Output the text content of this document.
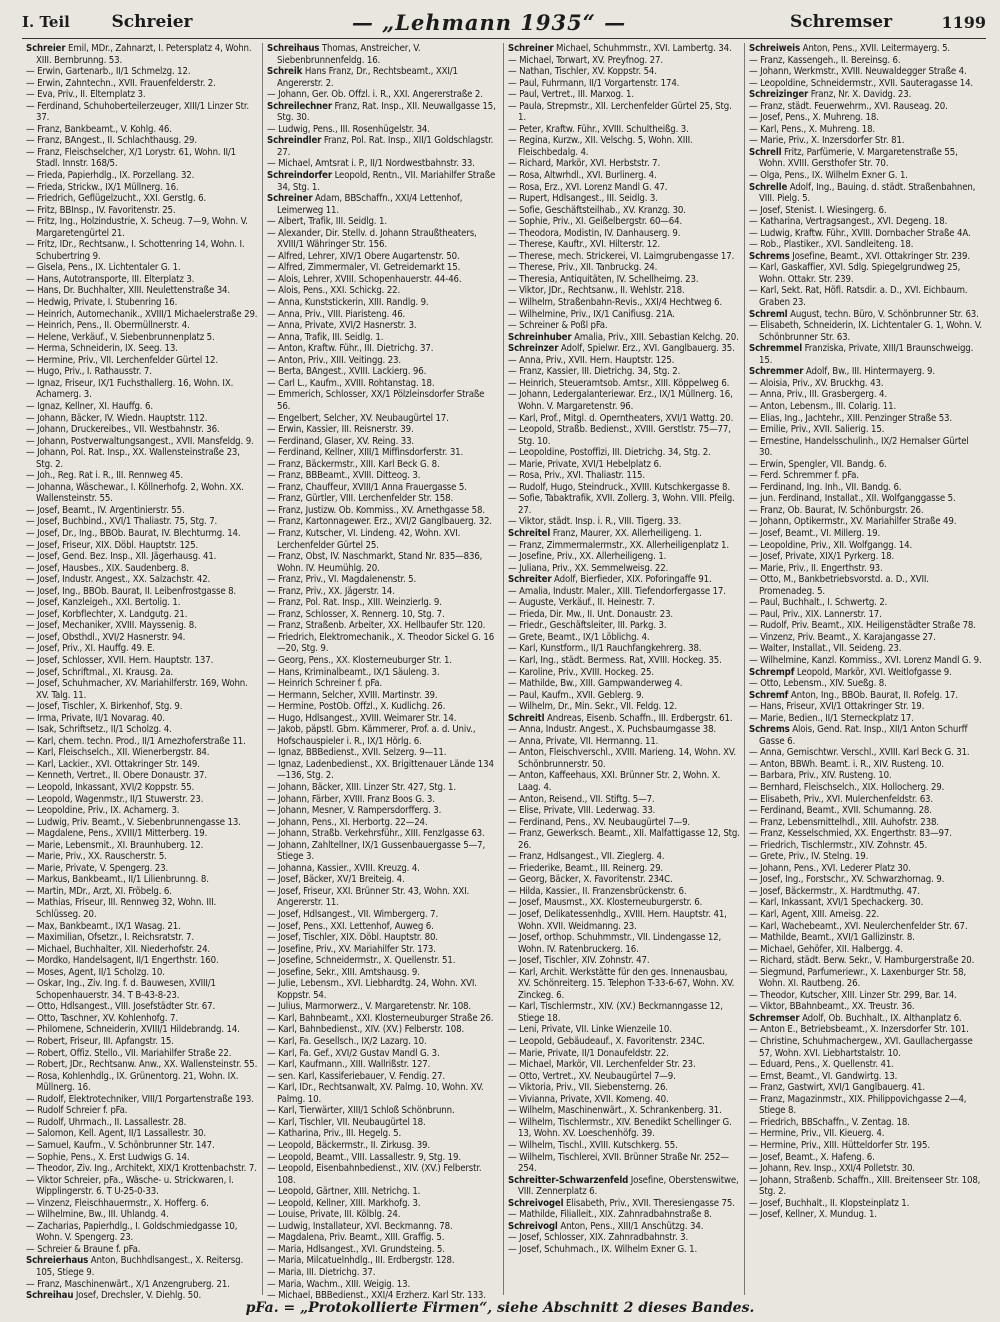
I. Teil	Schreier	— „Lehmann 1935“ —	Schremser	1199

Schreier Emil, MDr., Zahnarzt, I. Petersplatz 4, Wohn. XIII. Bernbrunng. 53.

— Erwin, Gartenarb., II/1 Schmelzg. 12.

— Erwin, Zahntechn., XVII. Frauenfelderstr. 2.

— Eva, Priv., II. Elternplatz 3.

— Ferdinand, Schuhoberteilerzeuger, XIII/1 Linzer Str. 37.

— Franz, Bankbeamt., V. Kohlg. 46.

— Franz, BAngest., II. Schlachthausg. 29.

— Franz, Fleischselcher, X/1 Lorystr. 61, Wohn. II/1 Stadl. Innstr. 168/5.

— Frieda, Papierhdlg., IX. Porzellang. 32.

— Frieda, Strickw., IX/1 Müllnerg. 16.

— Friedrich, Geflügelzucht., XXI. Gerstlg. 6.

— Fritz, BBInsp., IV. Favoritenstr. 25.

— Fritz, Ing., Holzindustrie, X. Scheug. 7—9, Wohn. V. Margaretengürtel 21.

— Fritz, IDr., Rechtsanw., I. Schottenring 14, Wohn. I. Schubertring 9.

— Gisela, Pens., IX. Lichtentaler G. 1.

— Hans, Autotransporte, III. Elterplatz 3.

— Hans, Dr. Buchhalter, XIII. Neulettenstraße 34.

— Hedwig, Private, I. Stubenring 16.

— Heinrich, Automechanik., XVIII/1 Michaelerstraße 29.

— Heinrich, Pens., II. Obermüllnerstr. 4.

— Helene, Verkäuf., V. Siebenbrunnenplatz 5.

— Herma, Schneiderin, IX. Seeg. 13.

— Hermine, Priv., VII. Lerchenfelder Gürtel 12.

— Hugo, Priv., I. Rathausstr. 7.

— Ignaz, Friseur, IX/1 Fuchsthallerg. 16, Wohn. IX. Achamerg. 3.

— Ignaz, Kellner, XI. Hauffg. 6.

— Johann, Bäcker, IV. Wiedn. Hauptstr. 112.

— Johann, Druckereibes., VII. Westbahnstr. 36.

— Johann, Postverwaltungsangest., XVII. Mansfeldg. 9.

— Johann, Pol. Rat. Insp., XX. Wallensteinstraße 23, Stg. 2.

— Joh., Reg. Rat i. R., III. Rennweg 45.

— Johanna, Wäschewar., I. Köllnerhofg. 2, Wohn. XX. Wallensteinstr. 55.

— Josef, Beamt., IV. Argentinierstr. 55.

— Josef, Buchbind., XVI/1 Thaliastr. 75, Stg. 7.

— Josef, Dr., Ing., BBOb. Baurat, IV. Blechturmg. 14.

— Josef, Friseur, XIX. Döbl. Hauptstr. 125.

— Josef, Gend. Bez. Insp., XII. Jägerhausg. 41.

— Josef, Hausbes., XIX. Saudenberg. 8.

— Josef, Industr. Angest., XX. Salzachstr. 42.

— Josef, Ing., BBOb. Baurat, II. Leibenfrostgasse 8.

— Josef, Kanzleigeh., XXI. Bertolig. 1.

— Josef, Korbflechter, X. Landgutg. 21.

— Josef, Mechaniker, XVIII. Mayssenig. 8.

— Josef, Obsthdl., XVI/2 Hasnerstr. 94.

— Josef, Priv., XI. Hauffg. 49. E.

— Josef, Schlosser, XVII. Hern. Hauptstr. 137.

— Josef, Schriftmal., XI. Krausg. 2a.

— Josef, Schuhmacher, XV. Mariahilferstr. 169, Wohn. XV. Talg. 11.

— Josef, Tischler, X. Birkenhof, Stg. 9.

— Irma, Private, II/1 Novarag. 40.

— Isak, Schriftsetz., II/1 Scholzg. 4.

— Karl, chem. techn. Prod., II/1 Arnezhoferstraße 11.

— Karl, Fleischselch., XII. Wienerbergstr. 84.

— Karl, Lackier., XVI. Ottakringer Str. 149.

— Kenneth, Vertret., II. Obere Donaustr. 37.

— Leopold, Inkassant, XVI/2 Koppstr. 55.

— Leopold, Wagenmstr., II/1 Stuwerstr. 23.

— Leopoldine, Priv., IX. Achamerg. 3.

— Ludwig, Priv. Beamt., V. Siebenbrunnengasse 13.

— Magdalene, Pens., XVIII/1 Mitterberg. 19.

— Marie, Lebensmit., XI. Braunhuberg. 12.

— Marie, Priv., XX. Rauscherstr. 5.

— Marie, Private, V. Spengerg. 23.

— Markus, Bankbeamt., II/1 Lilienbrunng. 8.

— Martin, MDr., Arzt, XI. Fröbelg. 6.

— Mathias, Friseur, III. Rennweg 32, Wohn. III. Schlüsseg. 20.

— Max, Bankbeamt., IX/1 Wasag. 21.

— Maximilian, Ofsetzr., I. Reichsratstr. 7.

— Michael, Buchhalter, XII. Niederhofstr. 24.

— Mordko, Handelsagent, II/1 Engerthstr. 160.

— Moses, Agent, II/1 Scholzg. 10.

— Oskar, Ing., Ziv. Ing. f. d. Bauwesen, XVIII/1 Schopenhauerstr. 34. T B-43-8-23.

— Otto, Hdlsangest., VIII. Josefstädter Str. 67.

— Otto, Taschner, XV. Kohlenhofg. 7.

— Philomene, Schneiderin, XVIII/1 Hildebrandg. 14.

— Robert, Friseur, III. Apfangstr. 15.

— Robert, Offiz. Stello., VII. Mariahilfer Straße 22.

— Robert, JDr., Rechtsanw. Anw., XX. Wallensteinstr. 55.

— Rosa, Kohlenhdlg., IX. Grünentorg. 21, Wohn. IX. Müllnerg. 16.

— Rudolf, Elektrotechniker, VIII/1 Porgartenstraße 193.

— Rudolf Schreier f. pFa.

— Rudolf, Uhrmach., II. Lassallestr. 28.

— Salomon, Kell. Agent, II/1 Lassallestr. 30.

— Samuel, Kaufm., V. Schönbrunner Str. 147.

— Sophie, Pens., X. Erst Ludwigs G. 14.

— Theodor, Ziv. Ing., Architekt, XIX/1 Krottenbachstr. 7.

— Viktor Schreier, pFa., Wäsche- u. Strickwaren, I. Wipplingerstr. 6. T U-25-0-33.

— Vinzenz, Fleischhauermstr., X. Hofferg. 6.

— Wilhelmine, Bw., III. Uhlandg. 4.

— Zacharias, Papierhdlg., I. Goldschmiedgasse 10, Wohn. V. Spengerg. 23.

— Schreier & Braune f. pFa.

Schreierhaus Anton, Buchhdlsangest., X. Reitersg. 105, Stiege 9.

— Franz, Maschinenwärt., X/1 Anzengruberg. 21.

Schreihau Josef, Drechsler, V. Diehlg. 50.

Schreihaus Thomas, Anstreicher, V. Siebenbrunnenfeldg. 16.

Schreik Hans Franz, Dr., Rechtsbeamt., XXI/1 Angererstr. 2.

— Johann, Ger. Ob. Offzl. i. R., XXI. Angererstraße 2.

Schreilechner Franz, Rat. Insp., XII. Neuwallgasse 15, Stg. 30.

— Ludwig, Pens., III. Rosenhügelstr. 34.

Schreindler Franz, Pol. Rat. Insp., XII/1 Goldschlagstr. 27.

— Michael, Amtsrat i. P., II/1 Nordwestbahnstr. 33.

Schreindorfer Leopold, Rentn., VII. Mariahilfer Straße 34, Stg. 1.

Schreiner Adam, BBSchaffn., XXI/4 Lettenhof, Leimerweg 11.

— Albert, Trafik, III. Seidlg. 1.

— Alexander, Dir. Stellv. d. Johann Straußtheaters, XVIII/1 Währinger Str. 156.

— Alfred, Lehrer, XIV/1 Obere Augartenstr. 50.

— Alfred, Zimmermaler, VI. Getreidemarkt 15.

— Alois, Lehrer, XVIII. Schopenhauerstr. 44-46.

— Alois, Pens., XXI. Schickg. 22.

— Anna, Kunststickerin, XIII. Randlg. 9.

— Anna, Priv., VIII. Piaristeng. 46.

— Anna, Private, XVI/2 Hasnerstr. 3.

— Anna, Trafik, III. Seidlg. 1.

— Anton, Kraftw. Führ., III. Dietrichg. 37.

— Anton, Priv., XIII. Veitingg. 23.

— Berta, BAngest., XVIII. Lackierg. 96.

— Carl L., Kaufm., XVIII. Rohtanstag. 18.

— Emmerich, Schlosser, XX/1 Pölzleinsdorfer Straße 56.

— Engelbert, Selcher, XV. Neubaugürtel 17.

— Erwin, Kassier, III. Reisnerstr. 39.

— Ferdinand, Glaser, XV. Reing. 33.

— Ferdinand, Kellner, XIII/1 Miffinsdorferstr. 31.

— Franz, Bäckermstr., XIII. Karl Beck G. 8.

— Franz, BBBeamt., XVIII. Ditteog. 3.

— Franz, Chauffeur, XVIII/1 Anna Frauergasse 5.

— Franz, Gürtler, VIII. Lerchenfelder Str. 158.

— Franz, Justizw. Ob. Kommiss., XV. Arnethgasse 58.

— Franz, Kartonnagewer. Erz., XVI/2 Ganglbauerg. 32.

— Franz, Kutscher, VI. Lindeng. 42, Wohn. XVI. Lerchenfelder Gürtel 25.

— Franz, Obst, IV. Naschmarkt, Stand Nr. 835—836, Wohn. IV. Heumühlg. 20.

— Franz, Priv., VI. Magdalenenstr. 5.

— Franz, Priv., XX. Jägerstr. 14.

— Franz, Pol. Rat. Insp., XIII. Weinzierlg. 9.

— Franz, Schlosser, X. Rennerg. 10, Stg. 7.

— Franz, Straßenb. Arbeiter, XX. Hellbaufer Str. 120.

— Friedrich, Elektromechanik., X. Theodor Sickel G. 16—20, Stg. 9.

— Georg, Pens., XX. Klosterneuburger Str. 1.

— Hans, Kriminalbeamt., IX/1 Säuleng. 3.

— Heinrich Schreiner f. pFa.

— Hermann, Selcher, XVIII. Martinstr. 39.

— Hermine, PostOb. Offzl., X. Kudlichg. 26.

— Hugo, Hdlsangest., XVIII. Weimarer Str. 14.

— Jakob, päpstl. Gbm. Kämmerer, Prof. a. d. Univ., Hofschauspieler i. R., IX/1 Hörlg. 6.

— Ignaz, BBBedienst., XVII. Selzerg. 9—11.

— Ignaz, Ladenbedienst., XX. Brigittenauer Lände 134—136, Stg. 2.

— Johann, Bäcker, XIII. Linzer Str. 427, Stg. 1.

— Johann, Färber, XVIII. Franz Boos G. 3.

— Johann, Mesner, V. Rampersdorfferg. 3.

— Johann, Pens., XI. Herbortg. 22—24.

— Johann, Straßb. Verkehrsführ., XIII. Fenzlgasse 63.

— Johann, Zahltellner, IX/1 Gussenbauergasse 5—7, Stiege 3.

— Johanna, Kassier., XVIII. Kreuzg. 4.

— Josef, Bäcker, XV/1 Breiteig. 4.

— Josef, Friseur, XXI. Brünner Str. 43, Wohn. XXI. Angererstr. 11.

— Josef, Hdlsangest., VII. Wimbergerg. 7.

— Josef, Pens., XXI. Lettenhof, Auweg 6.

— Josef, Tischler, XIX. Döbl. Hauptstr. 80.

— Josefine, Priv., XV. Mariahilfer Str. 173.

— Josefine, Schneidermstr., X. Quellenstr. 51.

— Josefine, Sekr., XIII. Amtshausg. 9.

— Julie, Lebensm., XVI. Liebhardtg. 24, Wohn. XVI. Koppstr. 54.

— Julius, Marmorwerz., V. Margaretenstr. Nr. 108.

— Karl, Bahnbeamt., XXI. Klosterneuburger Straße 26.

— Karl, Bahnbedienst., XIV. (XV.) Felberstr. 108.

— Karl, Fa. Gesellsch., IX/2 Lazarg. 10.

— Karl, Fa. Gef., XVI/2 Gustav Mandl G. 3.

— Karl, Kaufmann., XIII. Wallrißstr. 127.

— sen. Karl, Kassiferiebauer, V. Fendig. 27.

— Karl, IDr., Rechtsanwalt, XV. Palmg. 10, Wohn. XV. Palmg. 10.

— Karl, Tierwärter, XIII/1 Schloß Schönbrunn.

— Karl, Tischler, VII. Neubaugürtel 18.

— Katharina, Priv., III. Hegelg. 5.

— Leopold, Bäckermstr., II. Zirkusg. 39.

— Leopold, Beamt., VIII. Lassallestr. 9, Stg. 19.

— Leopold, Eisenbahnbedienst., XIV. (XV.) Felberstr. 108.

— Leopold, Gärtner, XIII. Netrichg. 1.

— Leopold, Kellner, XIII. Markhofg. 3.

— Louise, Private, III. Kölblg. 24.

— Ludwig, Installateur, XVI. Beckmanng. 78.

— Magdalena, Priv. Beamt., XIII. Graffig. 5.

— Maria, Hdlsangest., XVI. Grundsteing. 5.

— Maria, Milcatuelnhdlg., III. Erdbergstr. 128.

— Maria, III. Dietrichg. 37.

— Maria, Wachm., XIII. Weigig. 13.

— Michael, BBBedienst., XXI/4 Erzherz. Karl Str. 133.

Schreiner Michael, Schuhmmstr., XVI. Lambertg. 34.

— Michael, Torwart, XV. Preyfnog. 27.

— Nathan, Tischler, XV. Koppstr. 54.

— Paul, Fuhrmann, II/1 Vorgartenstr. 174.

— Paul, Vertret., III. Marxog. 1.

— Paula, Strepmstr., XII. Lerchenfelder Gürtel 25, Stg. 1.

— Peter, Kraftw. Führ., XVIII. Schultheißg. 3.

— Regina, Kurzw., XII. Velschg. 5, Wohn. XIII. Fleischbedalg. 4.

— Richard, Markör, XVI. Herbststr. 7.

— Rosa, Altwrhdl., XVI. Burlinerg. 4.

— Rosa, Erz., XVI. Lorenz Mandl G. 47.

— Rupert, Hdlsangest., III. Seidlg. 3.

— Sofie, Geschäftsteilhab., XV. Kranzg. 30.

— Sophie, Priv., XI. Geißelbergstr. 60—64.

— Theodora, Modistin, IV. Danhauserg. 9.

— Therese, Kauftr., XVI. Hilterstr. 12.

— Therese, mech. Strickerei, VI. Laimgrubengasse 17.

— Therese, Priv., XII. Tanbruckg. 24.

— Theresia, Antiquitäten, IV. Schellheimg. 23.

— Viktor, JDr., Rechtsanw., II. Wehlstr. 218.

— Wilhelm, Straßenbahn-Revis., XXI/4 Hechtweg 6.

— Wilhelmine, Priv., IX/1 Canifiusg. 21A.

— Schreiner & Poßl pFa.

Schreinhuber Amalia, Priv., XIII. Sebastian Kelchg. 20.

Schreinzer Adolf, Spielwr. Erz., XVI. Ganglbauerg. 35.

— Anna, Priv., XVII. Hern. Hauptstr. 125.

— Franz, Kassier, III. Dietrichg. 34, Stg. 2.

— Heinrich, Steueramtsob. Amtsr., XIII. Köppelweg 6.

— Johann, Ledergalanteriewar. Erz., IX/1 Müllnerg. 16, Wohn. V. Margaretenstr. 96.

— Karl, Prof., Mitgl. d. Operntheaters, XVI/1 Wattg. 20.

— Leopold, Straßb. Bedienst., XVIII. Gerstlstr. 75—77, Stg. 10.

— Leopoldine, Postoffizi, III. Dietrichg. 34, Stg. 2.

— Marie, Private, XVI/1 Hebelplatz 6.

— Rosa, Priv., XVI. Thaliastr. 115.

— Rudolf, Hugo, Steindruck., XVIII. Kutschkergasse 8.

— Sofie, Tabaktrafik, XVII. Zollerg. 3, Wohn. VIII. Pfeilg. 27.

— Viktor, städt. Insp. i. R., VIII. Tigerg. 33.

Schreitel Franz, Maurer, XX. Allerheiligeng. 1.

— Franz, Zimmermalermstr., XX. Allerheiligenplatz 1.

— Josefine, Priv., XX. Allerheiligeng. 1.

— Juliana, Priv., XX. Semmelweisg. 22.

Schreiter Adolf, Bierfieder, XIX. Poforingaffe 91.

— Amalia, Industr. Maler., XIII. Tiefendorfergasse 17.

— Auguste, Verkäuf., II. Heinestr. 7.

— Frieda, Dir. Mw., II. Unt. Donaustr. 23.

— Friedr., Geschäftsleiter, III. Parkg. 3.

— Grete, Beamt., IX/1 Löblichg. 4.

— Karl, Kunstform., II/1 Rauchfangkehrerg. 38.

— Karl, Ing., städt. Bermess. Rat, XVIII. Hockeg. 35.

— Karoline, Priv., XVIII. Hockeg. 25.

— Mathilde, Bw., XIII. Gampwanderweg 4.

— Paul, Kaufm., XVII. Geblerg. 9.

— Wilhelm, Dr., Min. Sekr., VII. Feldg. 12.

Schreitl Andreas, Eisenb. Schaffn., III. Erdbergstr. 61.

— Anna, Industr. Angest., X. Puchsbaumgasse 38.

— Anna, Private, VII. Hermanng. 11.

— Anton, Fleischverschl., XVIII. Marieng. 14, Wohn. XV. Schönbrunnerstr. 50.

— Anton, Kaffeehaus, XXI. Brünner Str. 2, Wohn. X. Laag. 4.

— Anton, Reisend., VII. Stiftg. 5—7.

— Elise, Private, VIII. Lederwag. 33.

— Ferdinand, Pens., XV. Neubaugürtel 7—9.

— Franz, Gewerksch. Beamt., XII. Malfattigasse 12, Stg. 26.

— Franz, Hdlsangest., VII. Zieglerg. 4.

— Friederike, Beamt., III. Reinerg. 29.

— Georg, Bäcker, X. Favoritenstr. 234C.

— Hilda, Kassier., II. Franzensbrückenstr. 6.

— Josef, Mausmst., XX. Klosterneuburgerstr. 6.

— Josef, Delikatessenhdlg., XVIII. Hern. Hauptstr. 41, Wohn. XVII. Weidmanng. 23.

— Josef, orthop. Schuhmmstr., VII. Lindengasse 12, Wohn. IV. Ratenbruckerg. 16.

— Josef, Tischler, XIV. Zohnstr. 47.

— Karl, Archit. Werkstätte für den ges. Innenausbau, XV. Schönreiterg. 15. Telephon T-33-6-67, Wohn. XV. Zinckeg. 6.

— Karl, Tischlermstr., XIV. (XV.) Beckmanngasse 12, Stiege 18.

— Leni, Private, VII. Linke Wienzeile 10.

— Leopold, Gebäudeauf., X. Favoritenstr. 234C.

— Marie, Private, II/1 Donaufeldstr. 22.

— Michael, Markör, VII. Lerchenfelder Str. 23.

— Otto, Vertret., XV. Neubaugürtel 7—9.

— Viktoria, Priv., VII. Siebensterng. 26.

— Vivianna, Private, XVII. Komeng. 40.

— Wilhelm, Maschinenwärt., X. Schrankenberg. 31.

— Wilhelm, Tischlermstr., XIV. Benedikt Schellinger G. 13, Wohn. XV. Loeschenhöfg. 39.

— Wilhelm, Tischl., XVIII. Kutschkerg. 55.

— Wilhelm, Tischlerei, XVII. Brünner Straße Nr. 252—254.

Schreitter-Schwarzenfeld Josefine, Oberstenswitwe, VIII. Zennerplatz 6.

Schreivogel Elisabeth, Priv., XVII. Theresiengasse 75.

— Mathilde, Filialleit., XIX. Zahnradbahnstraße 8.

Schreivogl Anton, Pens., XIII/1 Anschützg. 34.

— Josef, Schlosser, XIX. Zahnradbahnstr. 3.

— Josef, Schuhmach., IX. Wilhelm Exner G. 1.

Schreiweis Anton, Pens., XVII. Leitermayerg. 5.

— Franz, Kassengeh., II. Bereinsg. 6.

— Johann, Werkmstr., XVIII. Neuwaldegger Straße 4.

— Leopoldine, Schneidermstr., XVII. Sauteragasse 14.

Schreizinger Franz, Nr. X. Davidg. 23.

— Franz, städt. Feuerwehrm., XVI. Rauseag. 20.

— Josef, Pens., X. Muhreng. 18.

— Karl, Pens., X. Muhreng. 18.

— Marie, Priv., X. Inzersdorfer Str. 81.

Schrell Fritz, Parfümerie, V. Margaretenstraße 55, Wohn. XVIII. Gersthofer Str. 70.

— Olga, Pens., IX. Wilhelm Exner G. 1.

Schrelle Adolf, Ing., Bauing. d. städt. Straßenbahnen, VIII. Pielg. 5.

— Josef, Stenist. I. Wiesingerg. 6.

— Katharina, Vertragsangest., XVI. Degeng. 18.

— Ludwig, Kraftw. Führ., XVIII. Dornbacher Straße 4A.

— Rob., Plastiker., XVI. Sandleiteng. 18.

Schrems Josefine, Beamt., XVI. Ottakringer Str. 239.

— Karl, Gaskaffier, XVI. Sdlg. Spiegelgrundweg 25, Wohn. Ottakr. Str. 239.

— Karl, Sekt. Rat, Höfl. Ratsdir. a. D., XVI. Eichbaum. Graben 23.

Schreml August, techn. Büro, V. Schönbrunner Str. 63.

— Elisabeth, Schneiderin, IX. Lichtentaler G. 1, Wohn. V. Schönbrunner Str. 63.

Schremmel Franziska, Private, XIII/1 Braunschweigg. 15.

Schremmer Adolf, Bw., III. Hintermayerg. 9.

— Aloisia, Priv., XV. Bruckhg. 43.

— Anna, Priv., III. Grasbergerg. 4.

— Anton, Lebensm., III. Colarig. 11.

— Elias, Ing., Jachtehr., XIII. Penzinger Straße 53.

— Emilie, Priv., XVII. Salierig. 15.

— Ernestine, Handelsschulinh., IX/2 Hernalser Gürtel 30.

— Erwin, Spengler, VII. Bandg. 6.

— Ferd. Schremmer f. pFa.

— Ferdinand, Ing. Inh., VII. Bandg. 6.

— jun. Ferdinand, Installat., XII. Wolfganggasse 5.

— Franz, Ob. Baurat, IV. Schönburgstr. 26.

— Johann, Optikermstr., XV. Mariahilfer Straße 49.

— Josef, Beamt., VI. Millerg. 19.

— Leopoldine, Priv., XII. Wolfgangg. 14.

— Josef, Private, XIX/1 Pyrkerg. 18.

— Marie, Priv., II. Engerthstr. 93.

— Otto, M., Bankbetriebsvorstd. a. D., XVII. Promenadeg. 5.

— Paul, Buchhalt., I. Schwertg. 2.

— Paul, Priv., XIX. Lannerstr. 17.

— Rudolf, Priv. Beamt., XIX. Heiligenstädter Straße 78.

— Vinzenz, Priv. Beamt., X. Karajangasse 27.

— Walter, Installat., VII. Seideng. 23.

— Wilhelmine, Kanzl. Kommiss., XVI. Lorenz Mandl G. 9.

Schrempf Leopold, Markör, XVI. Weitlofgasse 9.

— Otto, Lebensm., XIV. Sueßg. 8.

Schremf Anton, Ing., BBOb. Baurat, II. Rofelg. 17.

— Hans, Friseur, XVI/1 Ottakringer Str. 19.

— Marie, Bedien., II/1 Sterneckplatz 17.

Schrems Alois, Gend. Rat. Insp., XII/1 Anton Schurff Gasse 6.

— Anna, Gemischtwr. Verschl., XVIII. Karl Beck G. 31.

— Anton, BBWh. Beamt. i. R., XIV. Rusteng. 10.

— Barbara, Priv., XIV. Rusteng. 10.

— Bernhard, Fleischselch., XIX. Hollocherg. 29.

— Elisabeth, Priv., XVI. Mulerchenfeldstr. 63.

— Ferdinand, Beamt., XVII. Schumanng. 28.

— Franz, Lebensmittelhdl., XIII. Auhofstr. 238.

— Franz, Kesselschmied, XX. Engerthstr. 83—97.

— Friedrich, Tischlermstr., XIV. Zohnstr. 45.

— Grete, Priv., IV. Stelng. 19.

— Johann, Pens., XVI. Lederer Platz 30.

— Josef, Ing., Forstschr., XV. Schwarzhornag. 9.

— Josef, Bäckermstr., X. Hardtmuthg. 47.

— Karl, Inkassant, XVI/1 Spechackerg. 30.

— Karl, Agent, XIII. Ameisg. 22.

— Karl, Wachebeamt., XVI. Neulerchenfelder Str. 67.

— Mathilde, Beamt., XVI/1 Gallizinstr. 8.

— Michael, Gehöfer, XII. Halbergg. 4.

— Richard, städt. Berw. Sekr., V. Hamburgerstraße 20.

— Siegmund, Parfumeriewr., X. Laxenburger Str. 58, Wohn. XI. Rautbeng. 26.

— Theodor, Kutscher, XIII. Linzer Str. 299, Bar. 14.

— Viktor, BBahnbeamt., XX. Treustr. 36.

Schremser Adolf, Ob. Buchhalt., IX. Althanplatz 6.

— Anton E., Betriebsbeamt., X. Inzersdorfer Str. 101.

— Christine, Schuhmachergew., XVI. Gaullachergasse 57, Wohn. XVI. Liebhartstalstr. 10.

— Eduard, Pens., X. Quellenstr. 41.

— Ernst, Beamt., VI. Gandwirtg. 13.

— Franz, Gastwirt, XVI/1 Ganglbauerg. 41.

— Franz, Magazinmstr., XIX. Philippovichgasse 2—4, Stiege 8.

— Friedrich, BBSchaffn., V. Zentag. 18.

— Hermine, Priv., VII. Kieuerg. 4.

— Hermine, Priv., XIII. Hütteldorfer Str. 195.

— Josef, Beamt., X. Hafeng. 6.

— Johann, Rev. Insp., XXI/4 Polletstr. 30.

— Johann, Straßenb. Schaffn., XIII. Breitenseer Str. 108, Stg. 2.

— Josef, Buchhalt., II. Klopsteinplatz 1.

— Josef, Kellner, X. Mundug. 1.

pFa. = „Protokollierte Firmen“, siehe Abschnitt 2 dieses Bandes.
